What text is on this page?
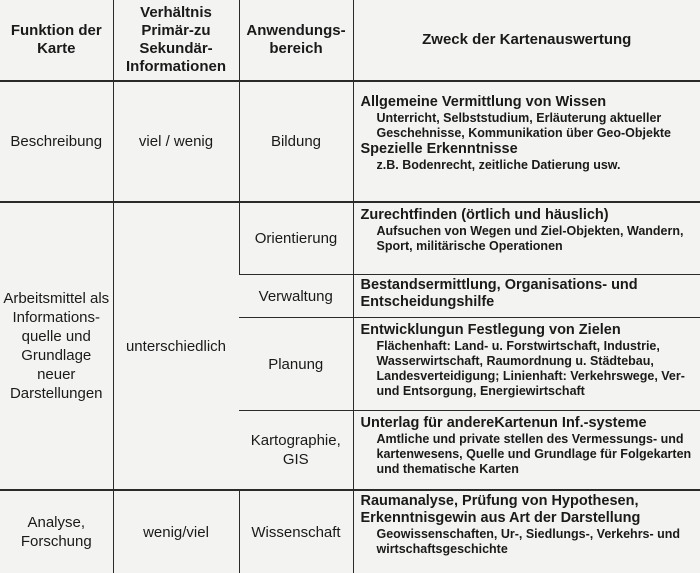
Funktion der Karte	Verhältnis Primär-zu Sekundär-Informationen	Anwendungs-bereich	Zweck der Kartenauswertung
Beschreibung	viel / wenig	Bildung	Allgemeine Vermittlung von Wissen
Unterricht, Selbststudium, Erläuterung aktueller Geschehnisse, Kommunikation über Geo-Objekte
Spezielle Erkenntnisse
z.B. Bodenrecht, zeitliche Datierung usw.

Arbeitsmittel als Informations-quelle und Grundlage neuer Darstellungen	unterschiedlich	Orientierung	Zurechtfinden (örtlich und häuslich)
Aufsuchen von Wegen und Ziel-Objekten, Wandern, Sport, militärische Operationen

		Verwaltung	Bestandsermittlung, Organisations- und Entscheidungshilfe

		Planung	Entwicklungun Festlegung von Zielen
Flächenhaft: Land- u. Forstwirtschaft, Industrie, Wasserwirtschaft, Raumordnung u. Städtebau, Landesverteidigung; Linienhaft: Verkehrswege, Ver- und Entsorgung, Energiewirtschaft

		Kartographie, GIS	Unterlag für andereKartenun Inf.-systeme
Amtliche und private stellen des Vermessungs- und kartenwesens, Quelle und Grundlage für Folgekarten und thematische Karten

Analyse, Forschung	wenig/viel	Wissenschaft	Raumanalyse, Prüfung von Hypothesen, Erkenntnisgewin aus Art der Darstellung
Geowissenschaften, Ur-, Siedlungs-, Verkehrs- und wirtschaftsgeschichte
